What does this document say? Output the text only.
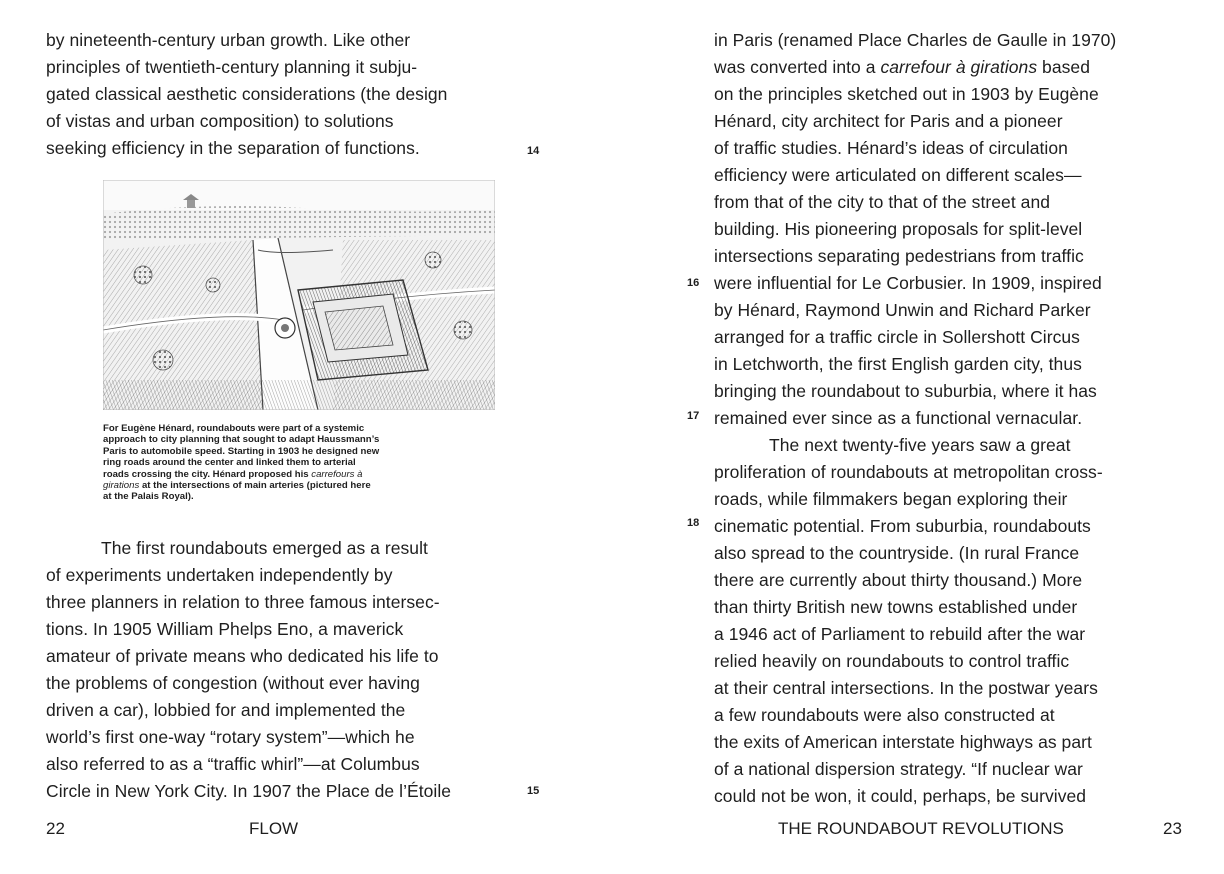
by nineteenth-century urban growth. Like other
principles of twentieth-century planning it subju-
gated classical aesthetic considerations (the design
of vistas and urban composition) to solutions
seeking efficiency in the separation of functions.	14
For Eugène Hénard, roundabouts were part of a systemic
approach to city planning that sought to adapt Haussmann’s
Paris to automobile speed. Starting in 1903 he designed new
ring roads around the center and linked them to arterial
roads crossing the city. Hénard proposed his carrefours à
girations at the intersections of main arteries (pictured here
at the Palais Royal).
The first roundabouts emerged as a result
of experiments undertaken independently by
three planners in relation to three famous intersec-
tions. In 1905 William Phelps Eno, a maverick
amateur of private means who dedicated his life to
the problems of congestion (without ever having
driven a car), lobbied for and implemented the
world’s first one-way “rotary system”—which he
also referred to as a “traffic whirl”—at Columbus
Circle in New York City. In 1907 the Place de l’Étoile	15
22	FLOW
in Paris (renamed Place Charles de Gaulle in 1970)
was converted into a carrefour à girations based
on the principles sketched out in 1903 by Eugène
Hénard, city architect for Paris and a pioneer
of traffic studies. Hénard’s ideas of circulation
efficiency were articulated on different scales—
from that of the city to that of the street and
building. His pioneering proposals for split-level
intersections separating pedestrians from traffic
were influential for Le Corbusier. In 1909, inspired
by Hénard, Raymond Unwin and Richard Parker
arranged for a traffic circle in Sollershott Circus
in Letchworth, the first English garden city, thus
bringing the roundabout to suburbia, where it has
remained ever since as a functional vernacular.
The next twenty-five years saw a great
proliferation of roundabouts at metropolitan cross-
roads, while filmmakers began exploring their
cinematic potential. From suburbia, roundabouts
also spread to the countryside. (In rural France
there are currently about thirty thousand.) More
than thirty British new towns established under
a 1946 act of Parliament to rebuild after the war
relied heavily on roundabouts to control traffic
at their central intersections. In the postwar years
a few roundabouts were also constructed at
the exits of American interstate highways as part
of a national dispersion strategy. “If nuclear war
could not be won, it could, perhaps, be survived
16
17
18
THE ROUNDABOUT REVOLUTIONS	23
